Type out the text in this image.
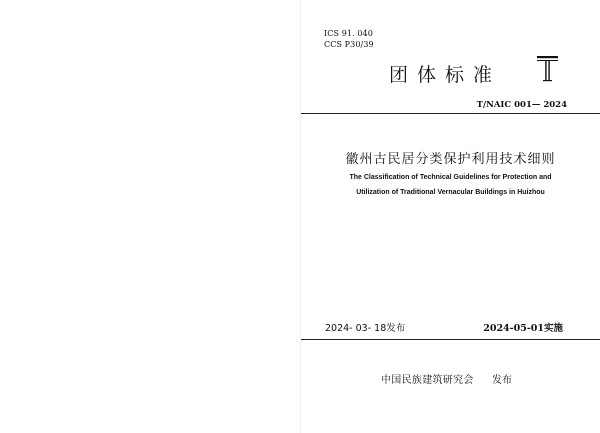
ICS 91. 040
CCS P30/39
团体标准
T/NAIC 001— 2024
徽州古民居分类保护利用技术细则
The Classification of Technical Guidelines for Protection and
Utilization of Traditional Vernacular Buildings in Huizhou
2024- 03- 18发布	2024-05-01实施
中国民族建筑研究会 发布
